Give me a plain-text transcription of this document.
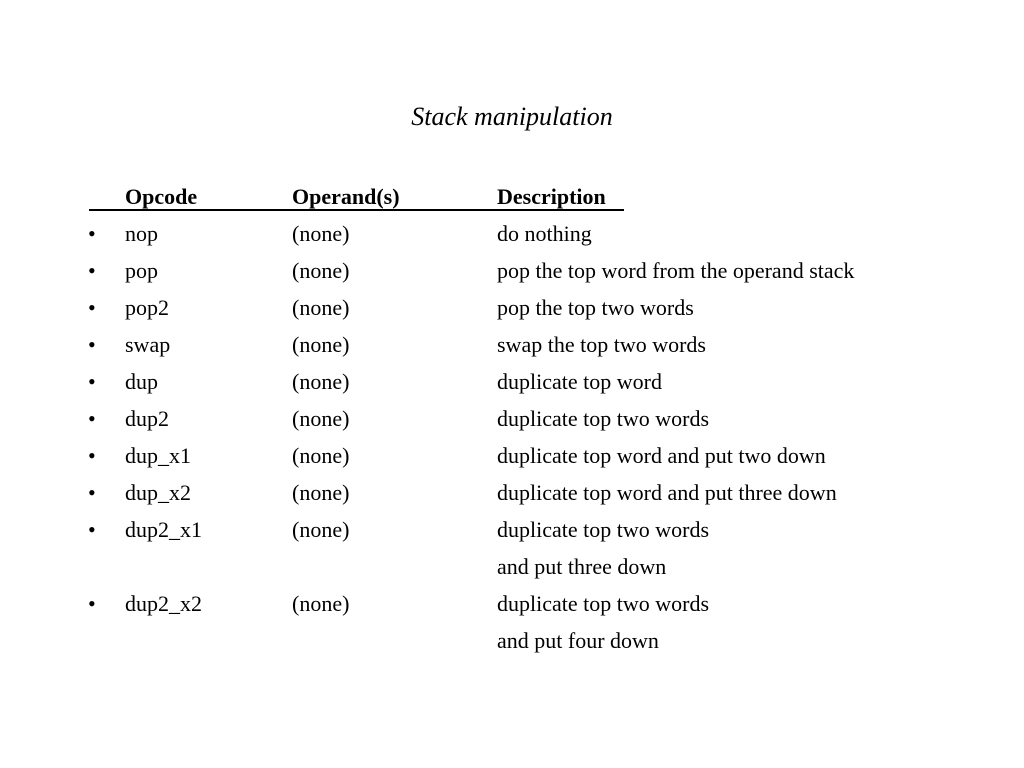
Stack manipulation
Opcode	Operand(s)	Description
• nop	(none)	do nothing
• pop	(none)	pop the top word from the operand stack
• pop2	(none)	pop the top two words
• swap	(none)	swap the top two words
• dup	(none)	duplicate top word
• dup2	(none)	duplicate top two words
• dup_x1	(none)	duplicate top word and put two down
• dup_x2	(none)	duplicate top word and put three down
• dup2_x1	(none)	duplicate top two words
and put three down
• dup2_x2	(none)	duplicate top two words
and put four down
